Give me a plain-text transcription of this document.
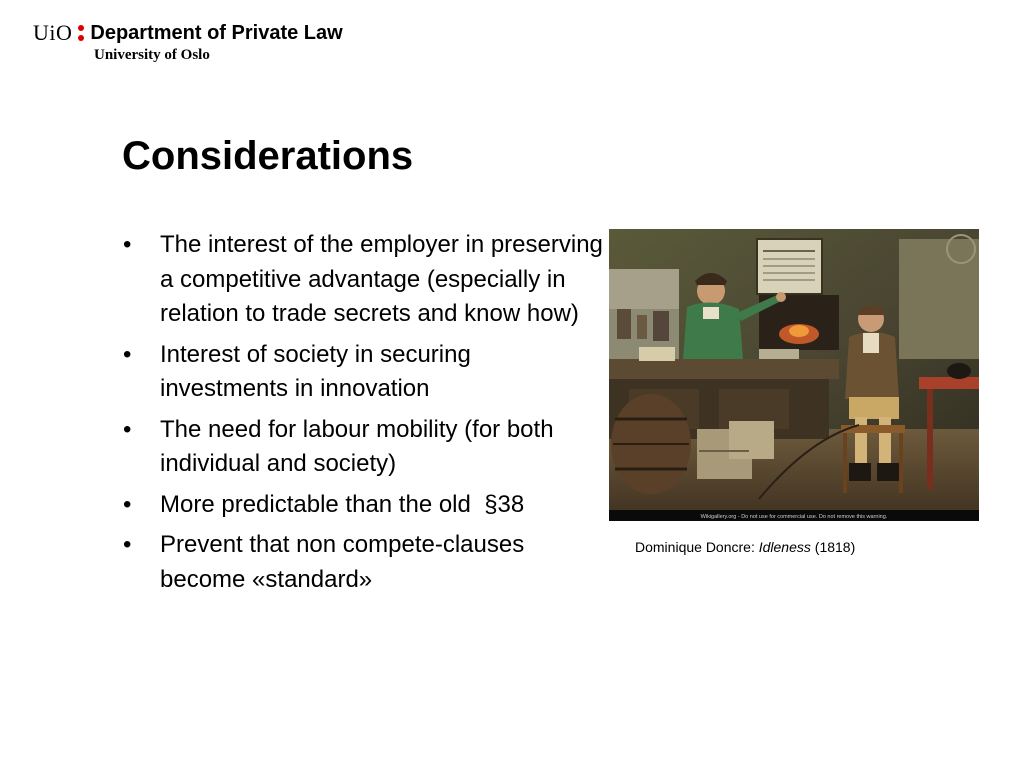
UiO Department of Private Law
University of Oslo
Considerations
• The interest of the employer in preserving a competitive advantage (especially in relation to trade secrets and know how)
• Interest of society in securing investments in innovation
• The need for labour mobility (for both individual and society)
• More predictable than the old  §38
• Prevent that non compete-clauses become «standard»
Wikigallery.org - Do not use for commercial use. Do not remove this warning.
Dominique Doncre: Idleness (1818)
